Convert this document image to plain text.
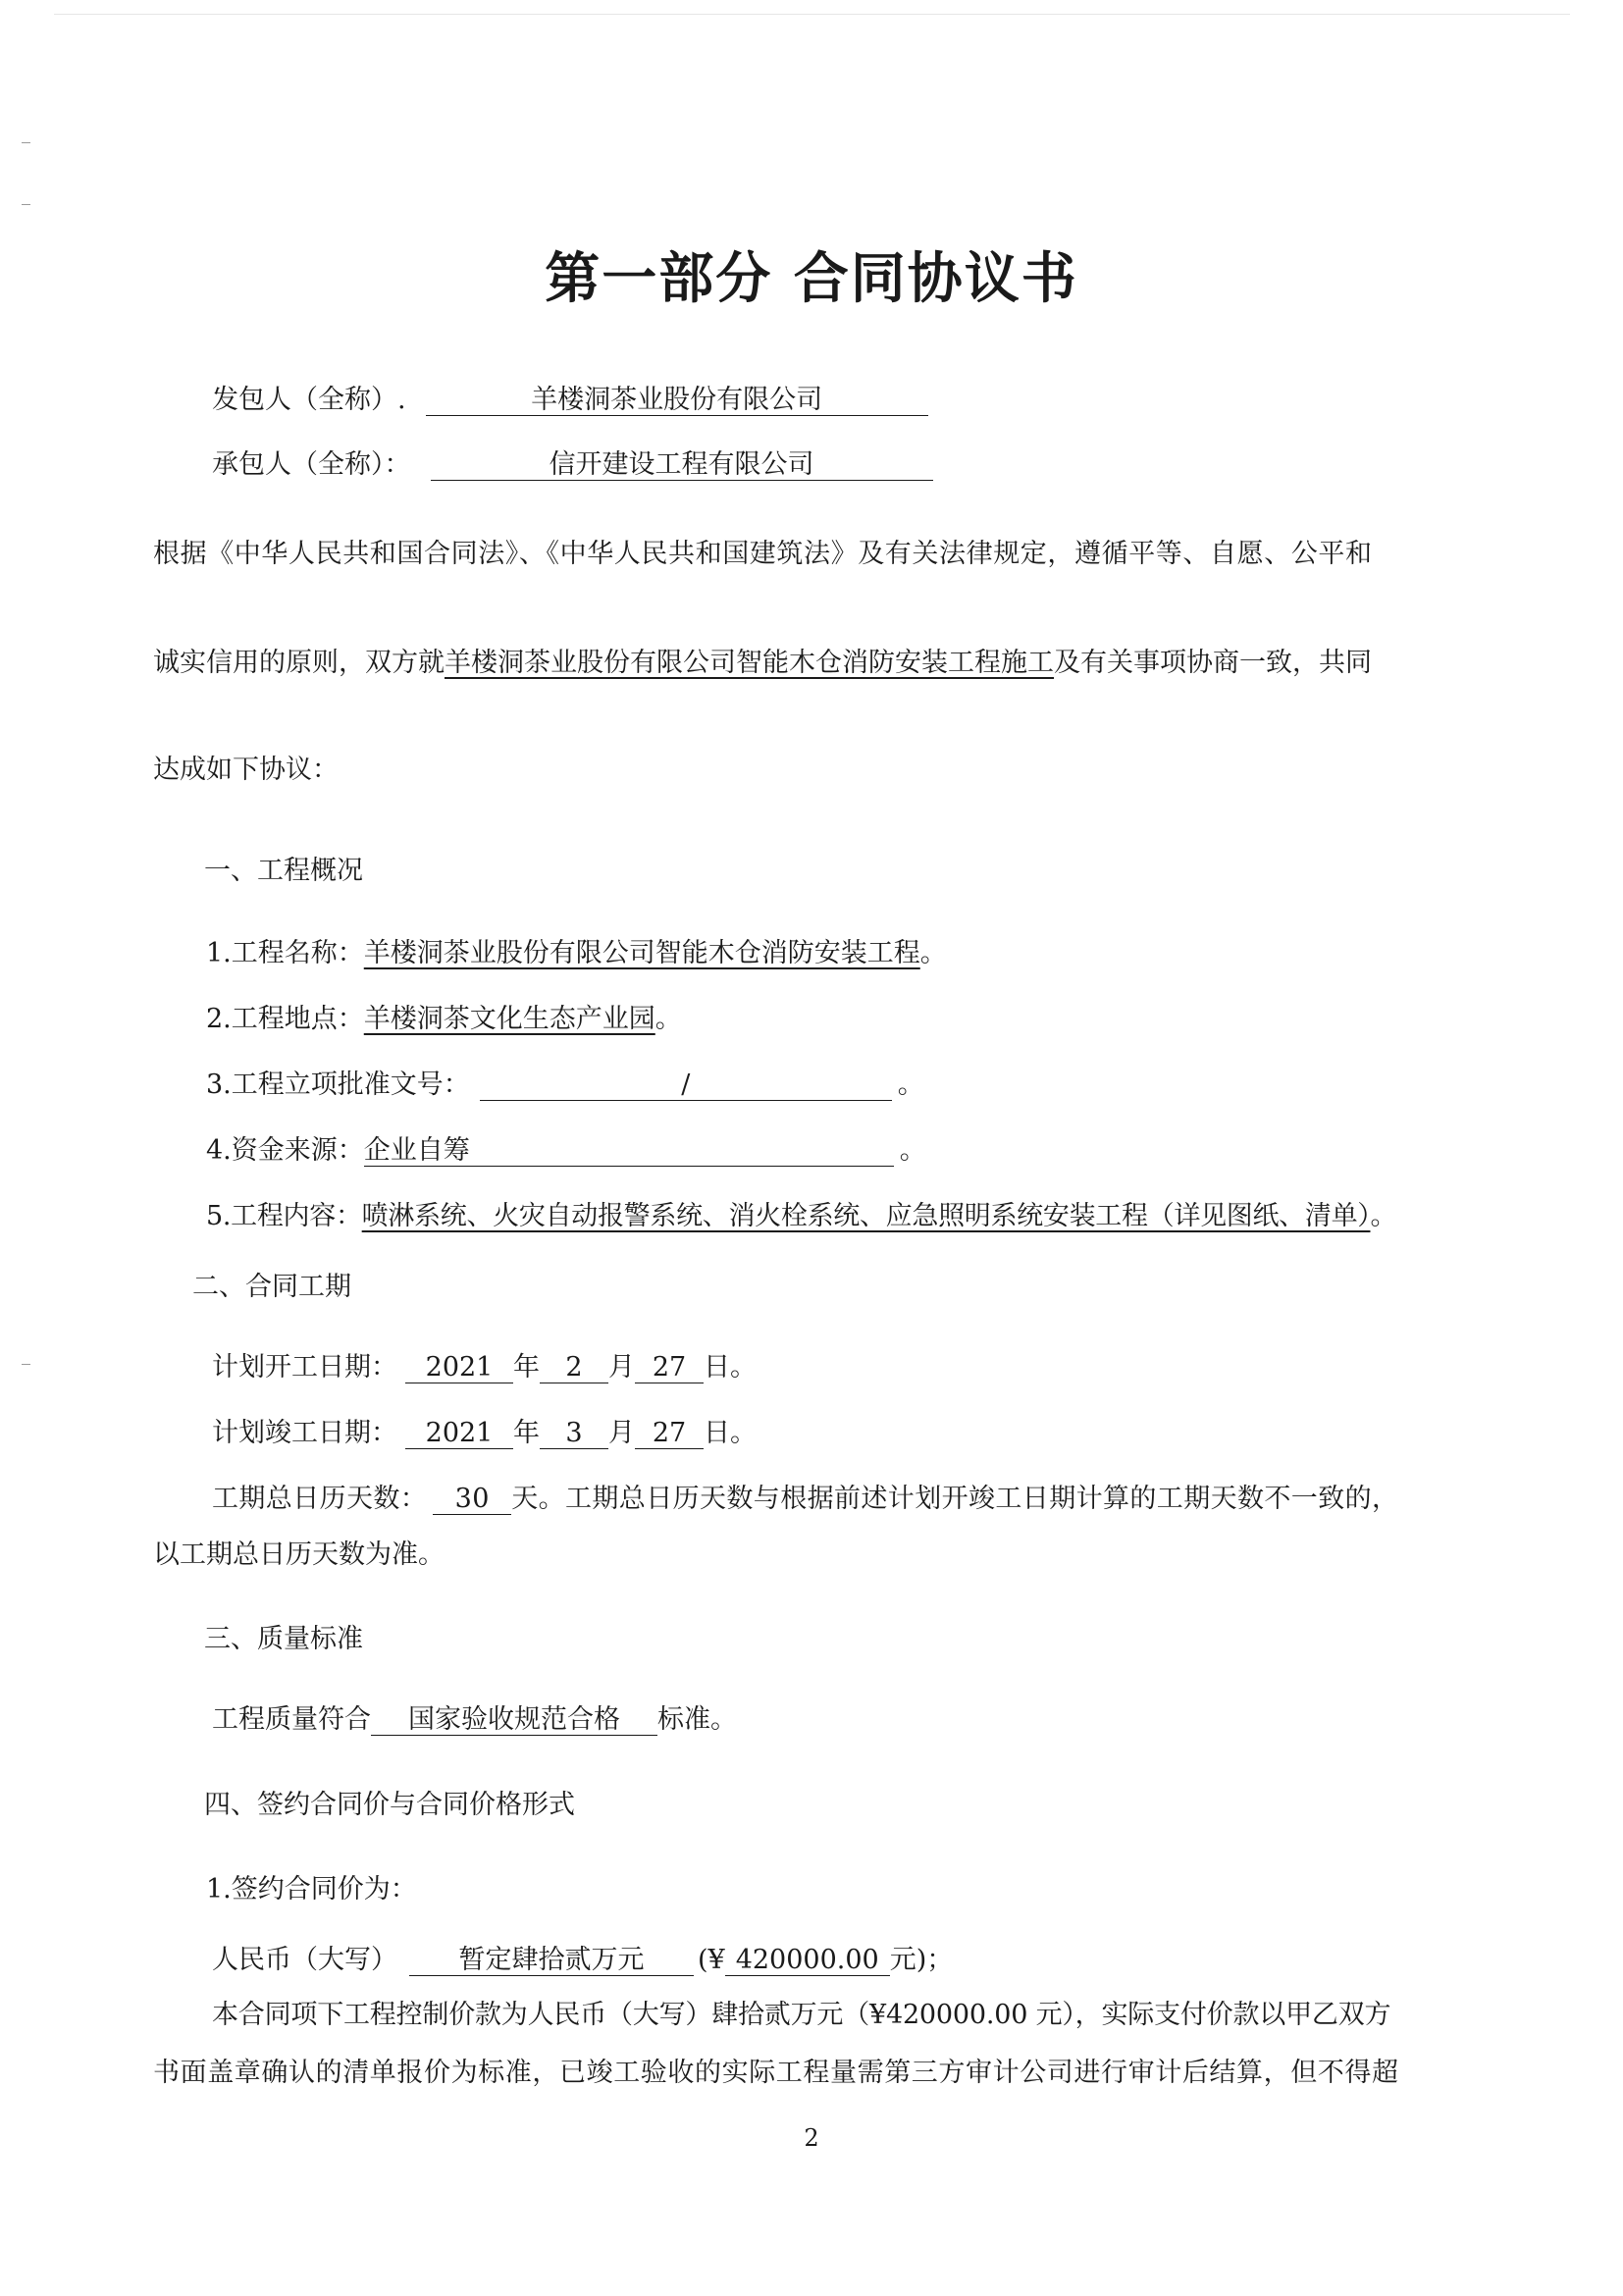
第一部分 合同协议书
发包人（全称）.	羊楼洞茶业股份有限公司
承包人（全称）：	信开建设工程有限公司
根据《中华人民共和国合同法》、《中华人民共和国建筑法》及有关法律规定，遵循平等、自愿、公平和
诚实信用的原则，双方就羊楼洞茶业股份有限公司智能木仓消防安装工程施工及有关事项协商一致，共同
达成如下协议：
一、工程概况
1.工程名称：羊楼洞茶业股份有限公司智能木仓消防安装工程。
2.工程地点：羊楼洞茶文化生态产业园。
3.工程立项批准文号：	/	。
4.资金来源：企业自筹	。
5.工程内容：喷淋系统、火灾自动报警系统、消火栓系统、应急照明系统安装工程（详见图纸、清单）。
二、合同工期
计划开工日期： 2021 年 2 月 27 日。
计划竣工日期： 2021 年 3 月 27 日。
工期总日历天数： 30 天。工期总日历天数与根据前述计划开竣工日期计算的工期天数不一致的，
以工期总日历天数为准。
三、质量标准
工程质量符合 国家验收规范合格 标准。
四、签约合同价与合同价格形式
1.签约合同价为：
人民币（大写） 暂定肆拾贰万元 (¥ 420000.00 元)；
本合同项下工程控制价款为人民币（大写）肆拾贰万元（¥420000.00 元），实际支付价款以甲乙双方
书面盖章确认的清单报价为标准，已竣工验收的实际工程量需第三方审计公司进行审计后结算，但不得超
2
